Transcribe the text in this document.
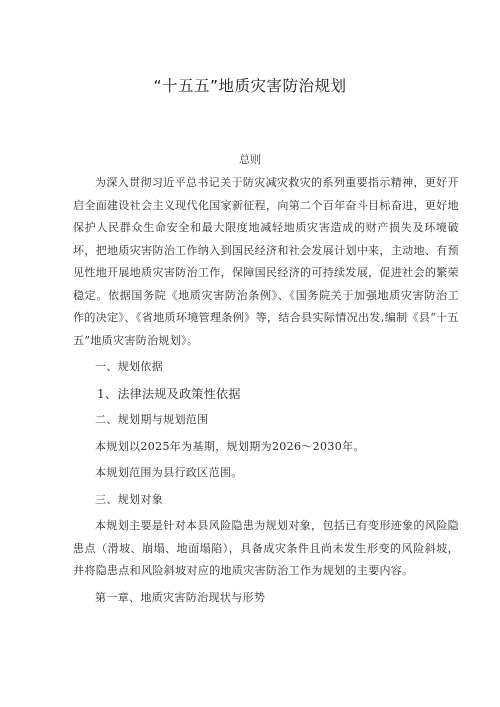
“十五五”地质灾害防治规划
总则

为深入贯彻习近平总书记关于防灾减灾救灾的系列重要指示精神，更好开启全面建设社会主义现代化国家新征程，向第二个百年奋斗目标奋进，更好地保护人民群众生命安全和最大限度地减轻地质灾害造成的财产损失及环境破坏，把地质灾害防治工作纳入到国民经济和社会发展计划中来，主动地、有预见性地开展地质灾害防治工作，保障国民经济的可持续发展，促进社会的繁荣稳定。依据国务院《地质灾害防治条例》、《国务院关于加强地质灾害防治工作的决定》、《省地质环境管理条例》等，结合县实际情况出发,编制《县“十五五”地质灾害防治规划》。

一、规划依据

1、法律法规及政策性依据

二、规划期与规划范围

本规划以2025年为基期，规划期为2026～2030年。

本规划范围为县行政区范围。

三、规划对象

本规划主要是针对本县风险隐患为规划对象，包括已有变形迹象的风险隐患点（滑坡、崩塌、地面塌陷），具备成灾条件且尚未发生形变的风险斜坡，并将隐患点和风险斜坡对应的地质灾害防治工作为规划的主要内容。

第一章、地质灾害防治现状与形势
